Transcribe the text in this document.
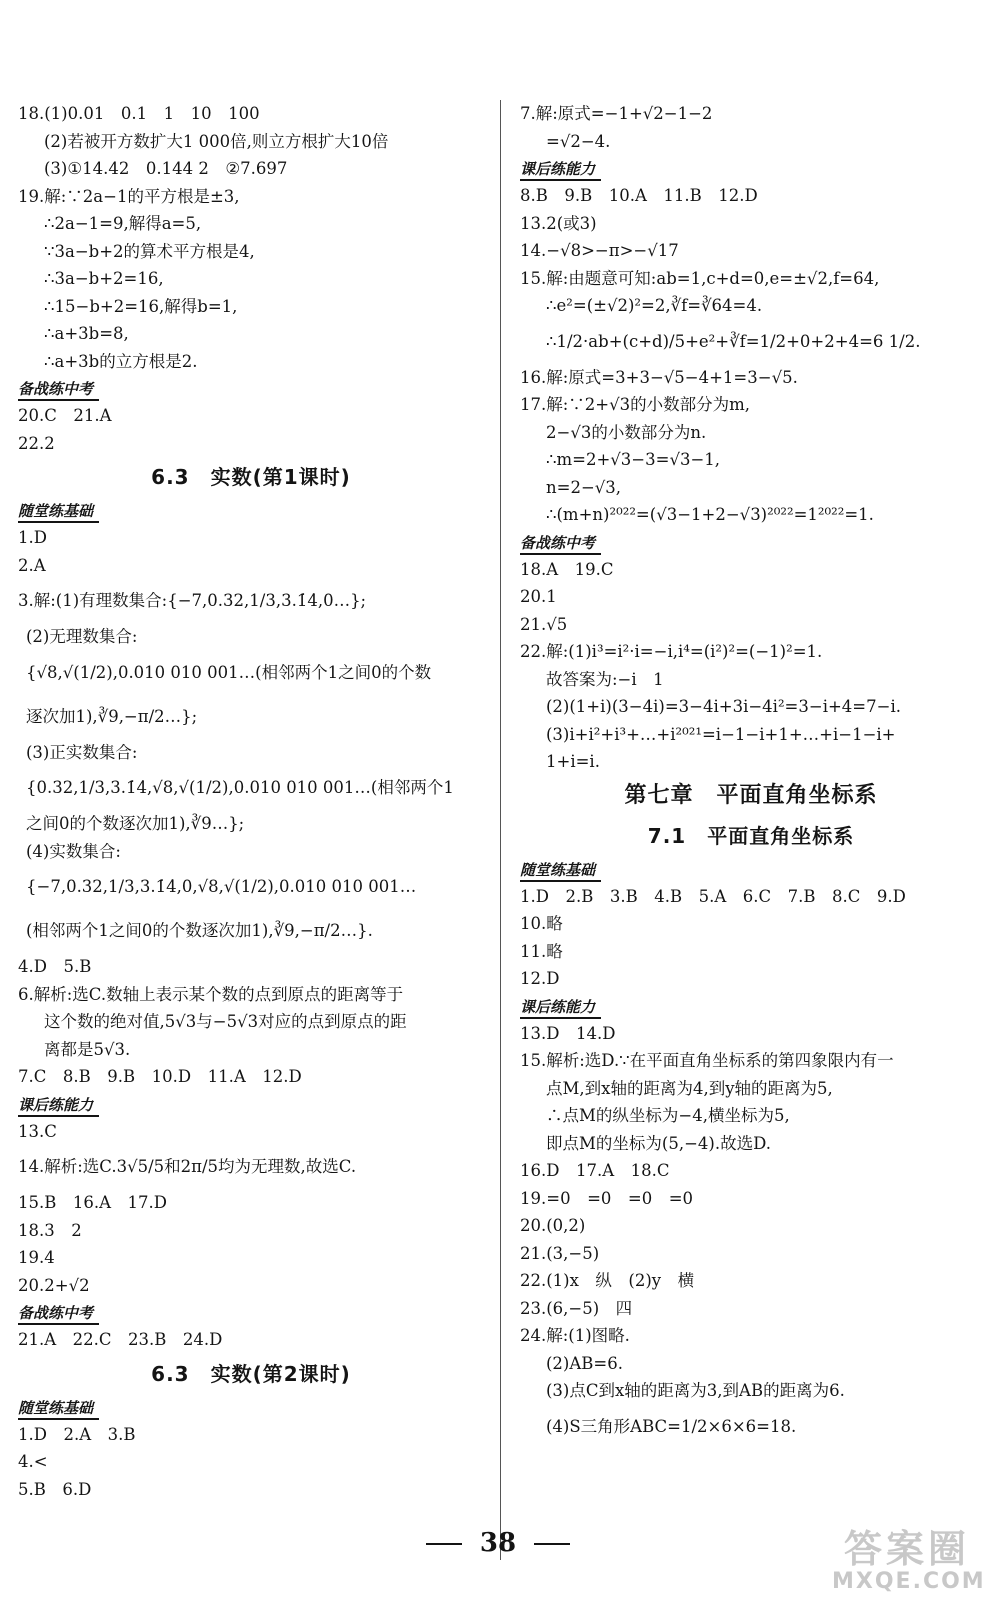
18.(1)0.01　0.1　1　10　100
(2)若被开方数扩大1 000倍,则立方根扩大10倍
(3)①14.42　0.144 2　②7.697
19.解:∵2a−1的平方根是±3,
∴2a−1=9,解得a=5,
∵3a−b+2的算术平方根是4,
∴3a−b+2=16,
∴15−b+2=16,解得b=1,
∴a+3b=8,
∴a+3b的立方根是2.
备战练中考
20.C　21.A
22.2
6.3　实数(第1课时)
随堂练基础
1.D
2.A
3.解:(1)有理数集合:{−7,0.32,1/3,3.1̇4̇,0…};
(2)无理数集合:
{√8,√(1/2),0.010 010 001…(相邻两个1之间0的个数
逐次加1),∛9,−π/2…};
(3)正实数集合:
{0.32,1/3,3.1̇4̇,√8,√(1/2),0.010 010 001…(相邻两个1
之间0的个数逐次加1),∛9…};
(4)实数集合:
{−7,0.32,1/3,3.1̇4̇,0,√8,√(1/2),0.010 010 001…
(相邻两个1之间0的个数逐次加1),∛9,−π/2…}.
4.D　5.B
6.解析:选C.数轴上表示某个数的点到原点的距离等于
这个数的绝对值,5√3与−5√3对应的点到原点的距
离都是5√3.
7.C　8.B　9.B　10.D　11.A　12.D
课后练能力
13.C
14.解析:选C.3√5/5和2π/5均为无理数,故选C.
15.B　16.A　17.D
18.3　2
19.4
20.2+√2
备战练中考
21.A　22.C　23.B　24.D
6.3　实数(第2课时)
随堂练基础
1.D　2.A　3.B
4.<
5.B　6.D
7.解:原式=−1+√2−1−2
=√2−4.
课后练能力
8.B　9.B　10.A　11.B　12.D
13.2(或3)
14.−√8>−π>−√17
15.解:由题意可知:ab=1,c+d=0,e=±√2,f=64,
∴e²=(±√2)²=2,∛f=∛64=4.
∴1/2·ab+(c+d)/5+e²+∛f=1/2+0+2+4=6 1/2.
16.解:原式=3+3−√5−4+1=3−√5.
17.解:∵2+√3的小数部分为m,
2−√3的小数部分为n.
∴m=2+√3−3=√3−1,
n=2−√3,
∴(m+n)²⁰²²=(√3−1+2−√3)²⁰²²=1²⁰²²=1.
备战练中考
18.A　19.C
20.1
21.√5
22.解:(1)i³=i²·i=−i,i⁴=(i²)²=(−1)²=1.
故答案为:−i　1
(2)(1+i)(3−4i)=3−4i+3i−4i²=3−i+4=7−i.
(3)i+i²+i³+…+i²⁰²¹=i−1−i+1+…+i−1−i+
1+i=i.
第七章　平面直角坐标系
7.1　平面直角坐标系
随堂练基础
1.D　2.B　3.B　4.B　5.A　6.C　7.B　8.C　9.D
10.略
11.略
12.D
课后练能力
13.D　14.D
15.解析:选D.∵在平面直角坐标系的第四象限内有一
点M,到x轴的距离为4,到y轴的距离为5,
∴点M的纵坐标为−4,横坐标为5,
即点M的坐标为(5,−4).故选D.
16.D　17.A　18.C
19.=0　=0　=0　=0
20.(0,2)
21.(3,−5)
22.(1)x　纵　(2)y　横
23.(6,−5)　四
24.解:(1)图略.
(2)AB=6.
(3)点C到x轴的距离为3,到AB的距离为6.
(4)S三角形ABC=1/2×6×6=18.
38	答案圈
MXQE.COM
